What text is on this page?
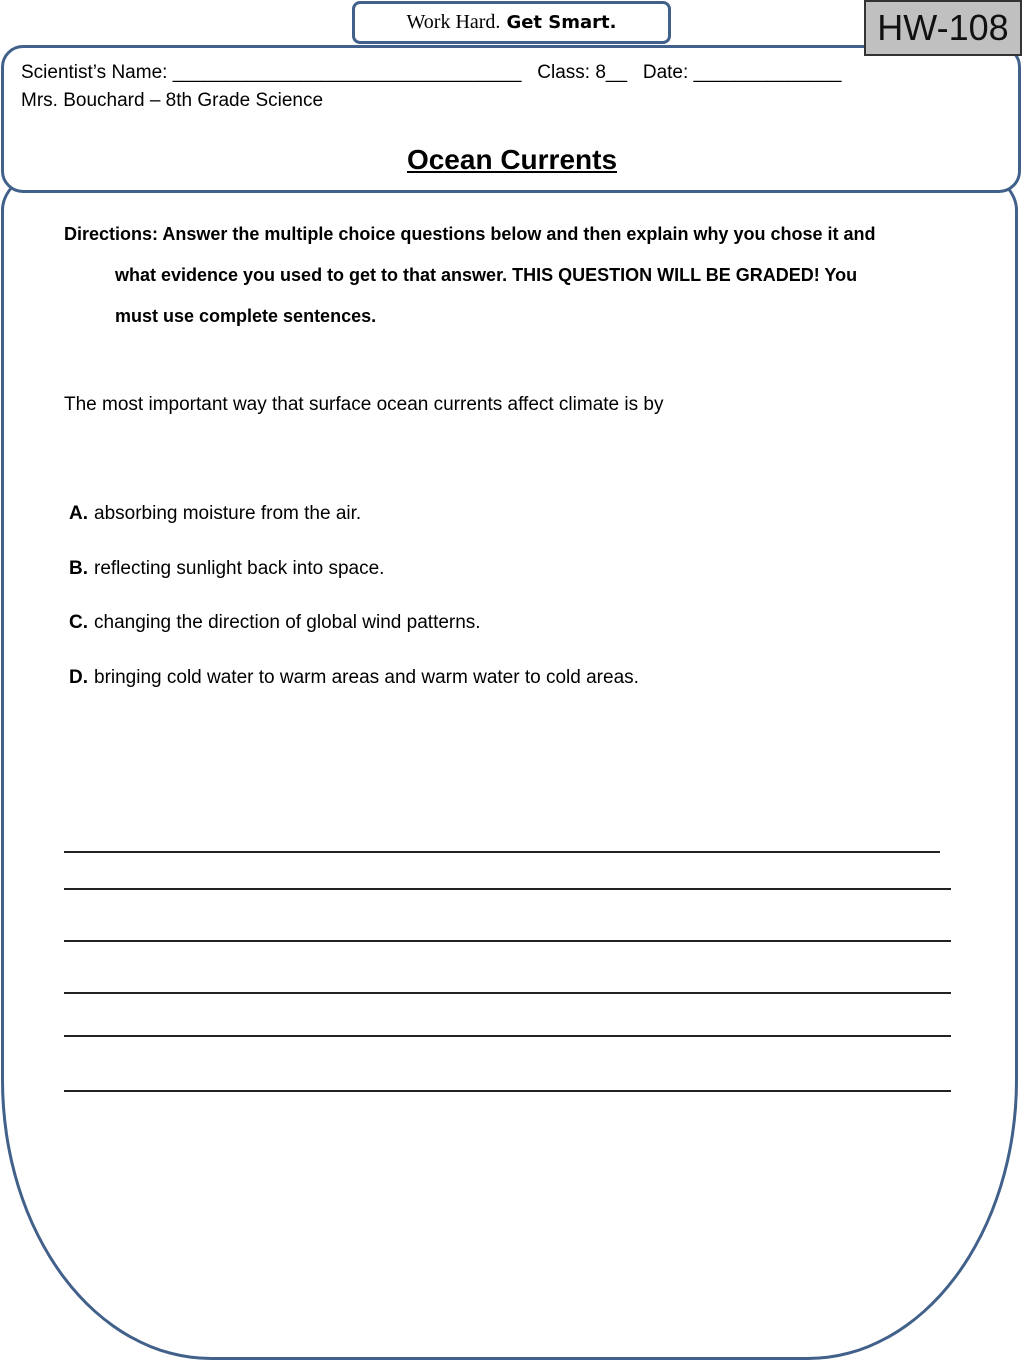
Work Hard. Get Smart.	HW-108
Scientist’s Name: _________________________________   Class: 8__   Date: ______________
Mrs. Bouchard – 8th Grade Science
Ocean Currents
Directions: Answer the multiple choice questions below and then explain why you chose it and
what evidence you used to get to that answer. THIS QUESTION WILL BE GRADED! You
must use complete sentences.
The most important way that surface ocean currents affect climate is by
A. absorbing moisture from the air.
B. reflecting sunlight back into space.
C. changing the direction of global wind patterns.
D. bringing cold water to warm areas and warm water to cold areas.
